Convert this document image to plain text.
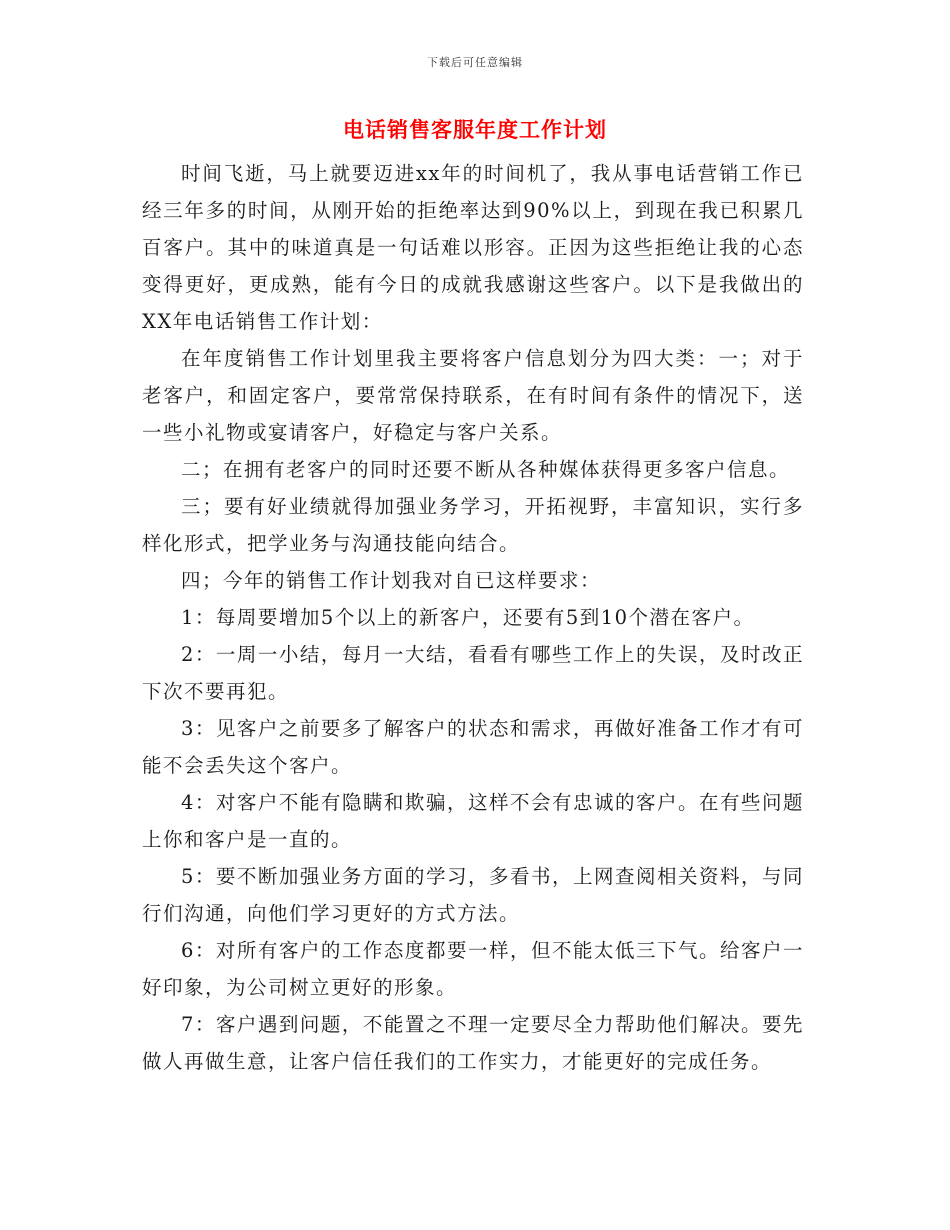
下载后可任意编辑
电话销售客服年度工作计划

时间飞逝，马上就要迈进xx年的时间机了，我从事电话营销工作已经三年多的时间，从刚开始的拒绝率达到90%以上，到现在我已积累几百客户。其中的味道真是一句话难以形容。正因为这些拒绝让我的心态变得更好，更成熟，能有今日的成就我感谢这些客户。以下是我做出的XX年电话销售工作计划：

在年度销售工作计划里我主要将客户信息划分为四大类：一；对于老客户，和固定客户，要常常保持联系，在有时间有条件的情况下，送一些小礼物或宴请客户，好稳定与客户关系。

二；在拥有老客户的同时还要不断从各种媒体获得更多客户信息。

三；要有好业绩就得加强业务学习，开拓视野，丰富知识，实行多样化形式，把学业务与沟通技能向结合。

四；今年的销售工作计划我对自已这样要求：

1：每周要增加5个以上的新客户，还要有5到10个潜在客户。

2：一周一小结，每月一大结，看看有哪些工作上的失误，及时改正下次不要再犯。

3：见客户之前要多了解客户的状态和需求，再做好准备工作才有可能不会丢失这个客户。

4：对客户不能有隐瞒和欺骗，这样不会有忠诚的客户。在有些问题上你和客户是一直的。

5：要不断加强业务方面的学习，多看书，上网查阅相关资料，与同行们沟通，向他们学习更好的方式方法。

6：对所有客户的工作态度都要一样，但不能太低三下气。给客户一好印象，为公司树立更好的形象。

7：客户遇到问题，不能置之不理一定要尽全力帮助他们解决。要先做人再做生意，让客户信任我们的工作实力，才能更好的完成任务。
